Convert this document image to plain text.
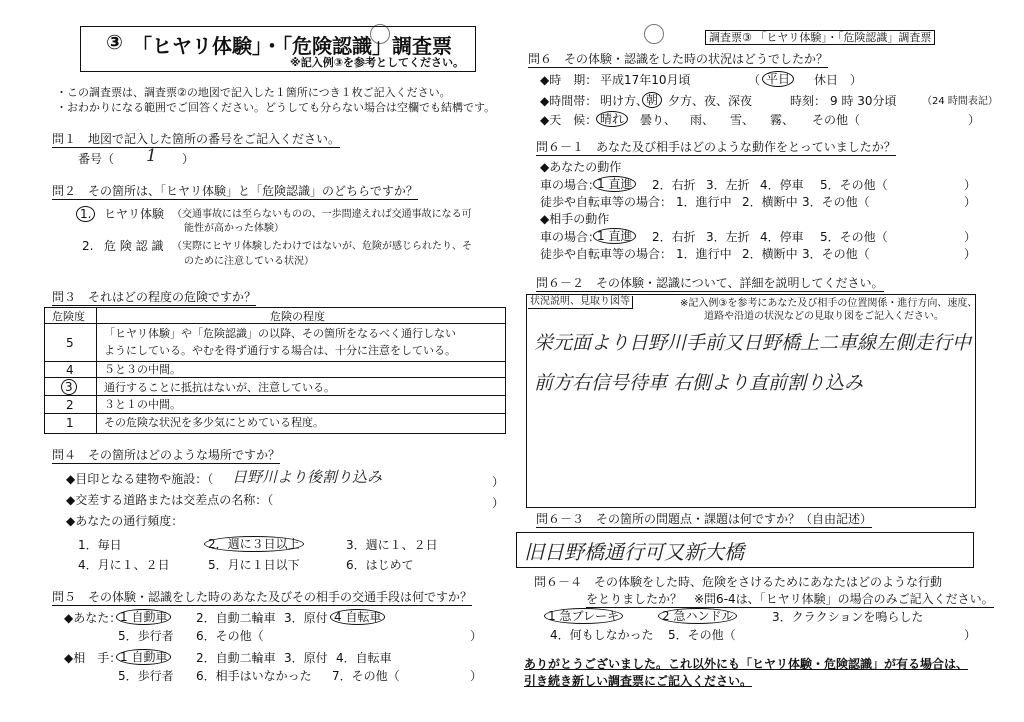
③ 「ヒヤリ体験」・「危険認識」調査票
※記入例③を参考としてください。
・この調査票は、調査票②の地図で記入した１箇所につき１枚ご記入ください。
・おわかりになる範囲でご回答ください。どうしても分らない場合は空欄でも結構です。
問１　地図で記入した箇所の番号をご記入ください。
番号（ 1 ）
問２　その箇所は、「ヒヤリ体験」と「危険認識」のどちらですか？
1.	ヒヤリ体験 （交通事故には至らないものの、一歩間違えれば交通事故になる可
能性が高かった体験）
2. 危 険 認 識 （実際にヒヤリ体験したわけではないが、危険が感じられたり、そ
のために注意している状況）
問３　それはどの程度の危険ですか？
危険度	危険の程度
5
「ヒヤリ体験」や「危険認識」の以降、その箇所をなるべく通行しない
ようにしている。やむを得ず通行する場合は、十分に注意をしている。
4	５と３の中間。
3	通行することに抵抗はないが、注意している。
2	３と１の中間。
1	その危険な状況を多少気にとめている程度。
問４　その箇所はどのような場所ですか？
◆目印となる建物や施設：（ 日野川より後割り込み	）
◆交差する道路または交差点の名称：（	）
◆あなたの通行頻度：
1．毎日	2．週に３日以上	3．週に１、２日
4．月に１、２日	5．月に１日以下	6．はじめて
問５　その体験・認識をした時のあなた及びその相手の交通手段は何ですか？
◆あなた：
1 自動車	2．自動二輪車 3．原付 4 自転車
5．歩行者 6．その他（	）
◆相　手：
1 自動車	2．自動二輪車 3．原付 4．自転車
5．歩行者 6．相手はいなかった 7．その他（	）
調査票③ 「ヒヤリ体験」・「危険認識」調査票
問６　その体験・認識をした時の状況はどうでしたか？
◆時　期： 平成17年10月頃	（ 平日	休日 ）
◆時間帯： 明け方、
朝 夕方、夜、深夜	時刻： 9 時 30分頃	（24 時間表記）
◆天　候： 晴れ	曇り、 雨、 雪、 霧、 その他（	）
問６－１　あなた及び相手はどのような動作をとっていましたか？
◆あなたの動作
車の場合：
1 直進	2．右折 3．左折 4．停車 5．その他（	）
徒歩や自転車等の場合： 1．進行中 2．横断中 3．その他（	）
◆相手の動作
車の場合：
1 直進	2．右折 3．左折 4．停車 5．その他（	）
徒歩や自転車等の場合： 1．進行中 2．横断中 3．その他（	）
問６－２　その体験・認識について、詳細を説明してください。
状況説明、見取り図等	※記入例③を参考にあなた及び相手の位置関係・進行方向、速度、
道路や沿道の状況などの見取り図をご記入ください。
栄元面より日野川手前又日野橋上二車線左側走行中
前方右信号待車 右側より直前割り込み
問６－３　その箇所の問題点・課題は何ですか？（自由記述）
旧日野橋通行可又新大橋
問６－４　その体験をした時、危険をさけるためにあなたはどのような行動
をとりましたか？　※問6-4は、「ヒヤリ体験」の場合のみご記入ください。
1 急ブレーキ	2 急ハンドル	3．クラクションを鳴らした
4．何もしなかった 5．その他（	）
ありがとうございました。これ以外にも「ヒヤリ体験・危険認識」が有る場合は、
引き続き新しい調査票にご記入ください。
